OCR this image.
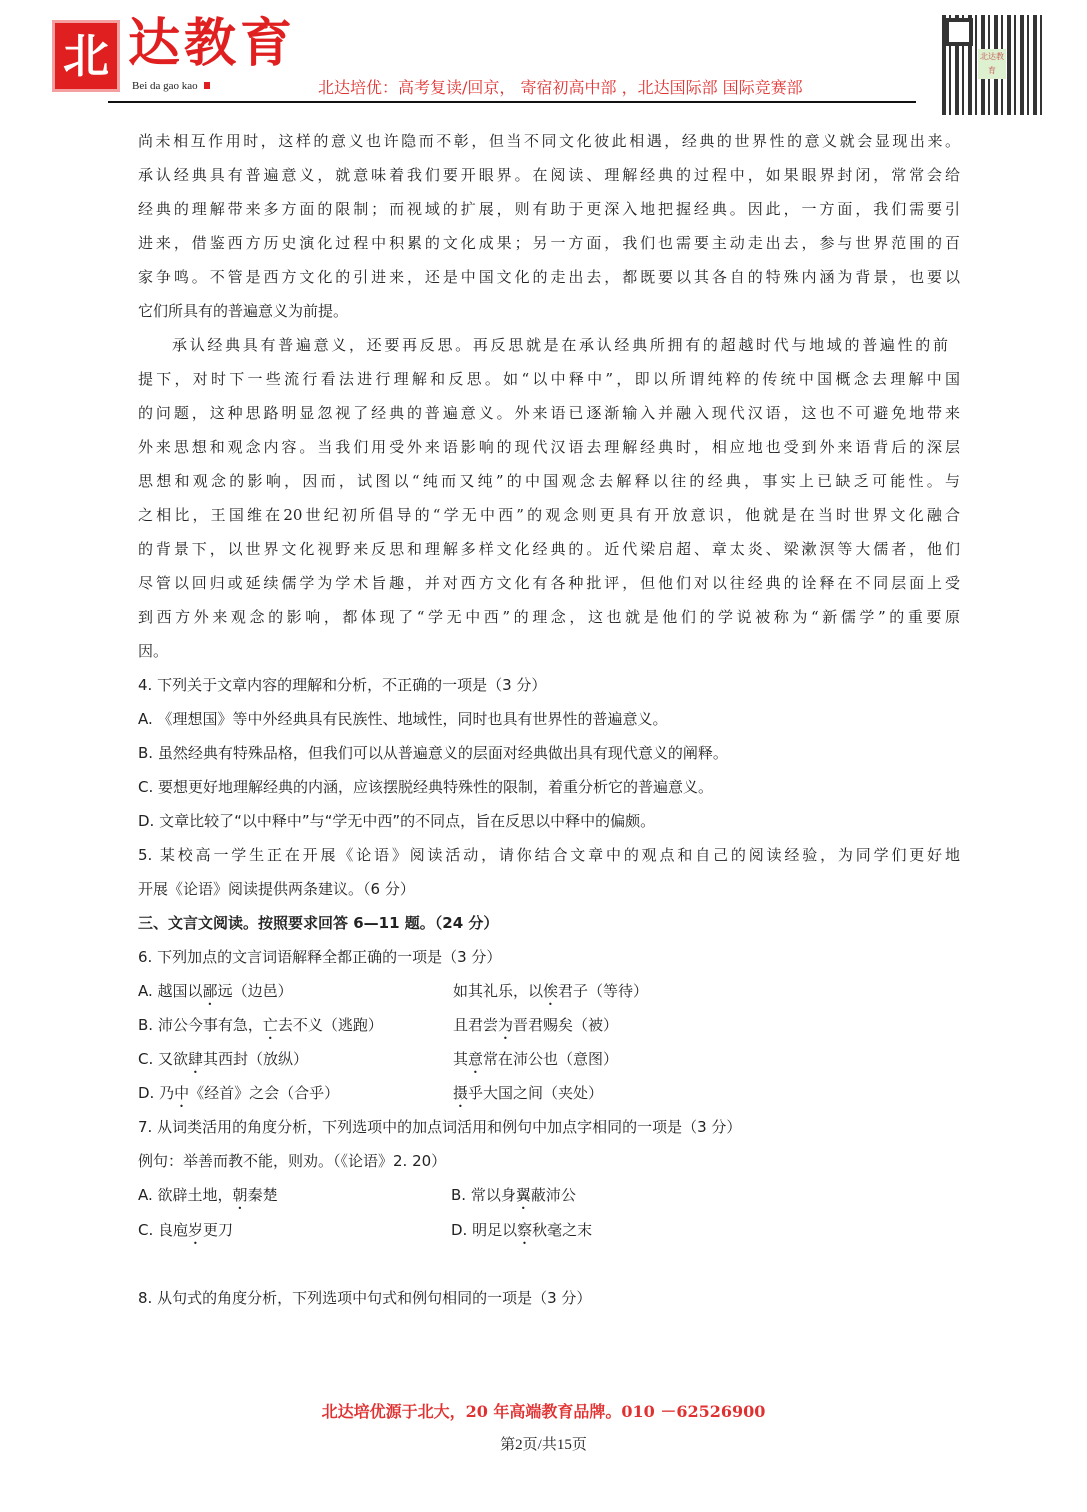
北 达教育
Bei da gao kao	北达培优：高考复读/回京， 寄宿初高中部 ，北达国际部 国际竞赛部
北达教育
尚未相互作用时，这样的意义也许隐而不彰，但当不同文化彼此相遇，经典的世界性的意义就会显现出来。
承认经典具有普遍意义，就意味着我们要开眼界。在阅读、理解经典的过程中，如果眼界封闭，常常会给
经典的理解带来多方面的限制；而视域的扩展，则有助于更深入地把握经典。因此，一方面，我们需要引
进来，借鉴西方历史演化过程中积累的文化成果；另一方面，我们也需要主动走出去，参与世界范围的百
家争鸣。不管是西方文化的引进来，还是中国文化的走出去，都既要以其各自的特殊内涵为背景，也要以
它们所具有的普遍意义为前提。
承认经典具有普遍意义，还要再反思。再反思就是在承认经典所拥有的超越时代与地域的普遍性的前
提下，对时下一些流行看法进行理解和反思。如“以中释中”，即以所谓纯粹的传统中国概念去理解中国
的问题，这种思路明显忽视了经典的普遍意义。外来语已逐渐输入并融入现代汉语，这也不可避免地带来
外来思想和观念内容。当我们用受外来语影响的现代汉语去理解经典时，相应地也受到外来语背后的深层
思想和观念的影响，因而，试图以“纯而又纯”的中国观念去解释以往的经典，事实上已缺乏可能性。与
之相比，王国维在20世纪初所倡导的“学无中西”的观念则更具有开放意识，他就是在当时世界文化融合
的背景下，以世界文化视野来反思和理解多样文化经典的。近代梁启超、章太炎、梁漱溟等大儒者，他们
尽管以回归或延续儒学为学术旨趣，并对西方文化有各种批评，但他们对以往经典的诠释在不同层面上受
到西方外来观念的影响，都体现了“学无中西”的理念，这也就是他们的学说被称为“新儒学”的重要原
因。
4. 下列关于文章内容的理解和分析，不正确的一项是（3 分）
A. 《理想国》等中外经典具有民族性、地域性，同时也具有世界性的普遍意义。
B. 虽然经典有特殊品格，但我们可以从普遍意义的层面对经典做出具有现代意义的阐释。
C. 要想更好地理解经典的内涵，应该摆脱经典特殊性的限制，着重分析它的普遍意义。
D. 文章比较了“以中释中”与“学无中西”的不同点，旨在反思以中释中的偏颇。
5. 某校高一学生正在开展《论语》阅读活动，请你结合文章中的观点和自己的阅读经验，为同学们更好地
开展《论语》阅读提供两条建议。（6 分）
三、文言文阅读。按照要求回答 6—11 题。（24 分）
6. 下列加点的文言词语解释全都正确的一项是（3 分）
A. 越国以鄙远（边邑）	如其礼乐，以俟君子（等待）
B. 沛公今事有急，亡去不义（逃跑）	且君尝为晋君赐矣（被）
C. 又欲肆其西封（放纵）	其意常在沛公也（意图）
D. 乃中《经首》之会（合乎）	摄乎大国之间（夹处）
7. 从词类活用的角度分析，下列选项中的加点词活用和例句中加点字相同的一项是（3 分）
例句：举善而教不能，则劝。（《论语》2. 20）
A. 欲辟土地，朝秦楚	B. 常以身翼蔽沛公
C. 良庖岁更刀	D. 明足以察秋毫之末
8. 从句式的角度分析，下列选项中句式和例句相同的一项是（3 分）
北达培优源于北大，20 年高端教育品牌。010 －62526900
第2页/共15页
